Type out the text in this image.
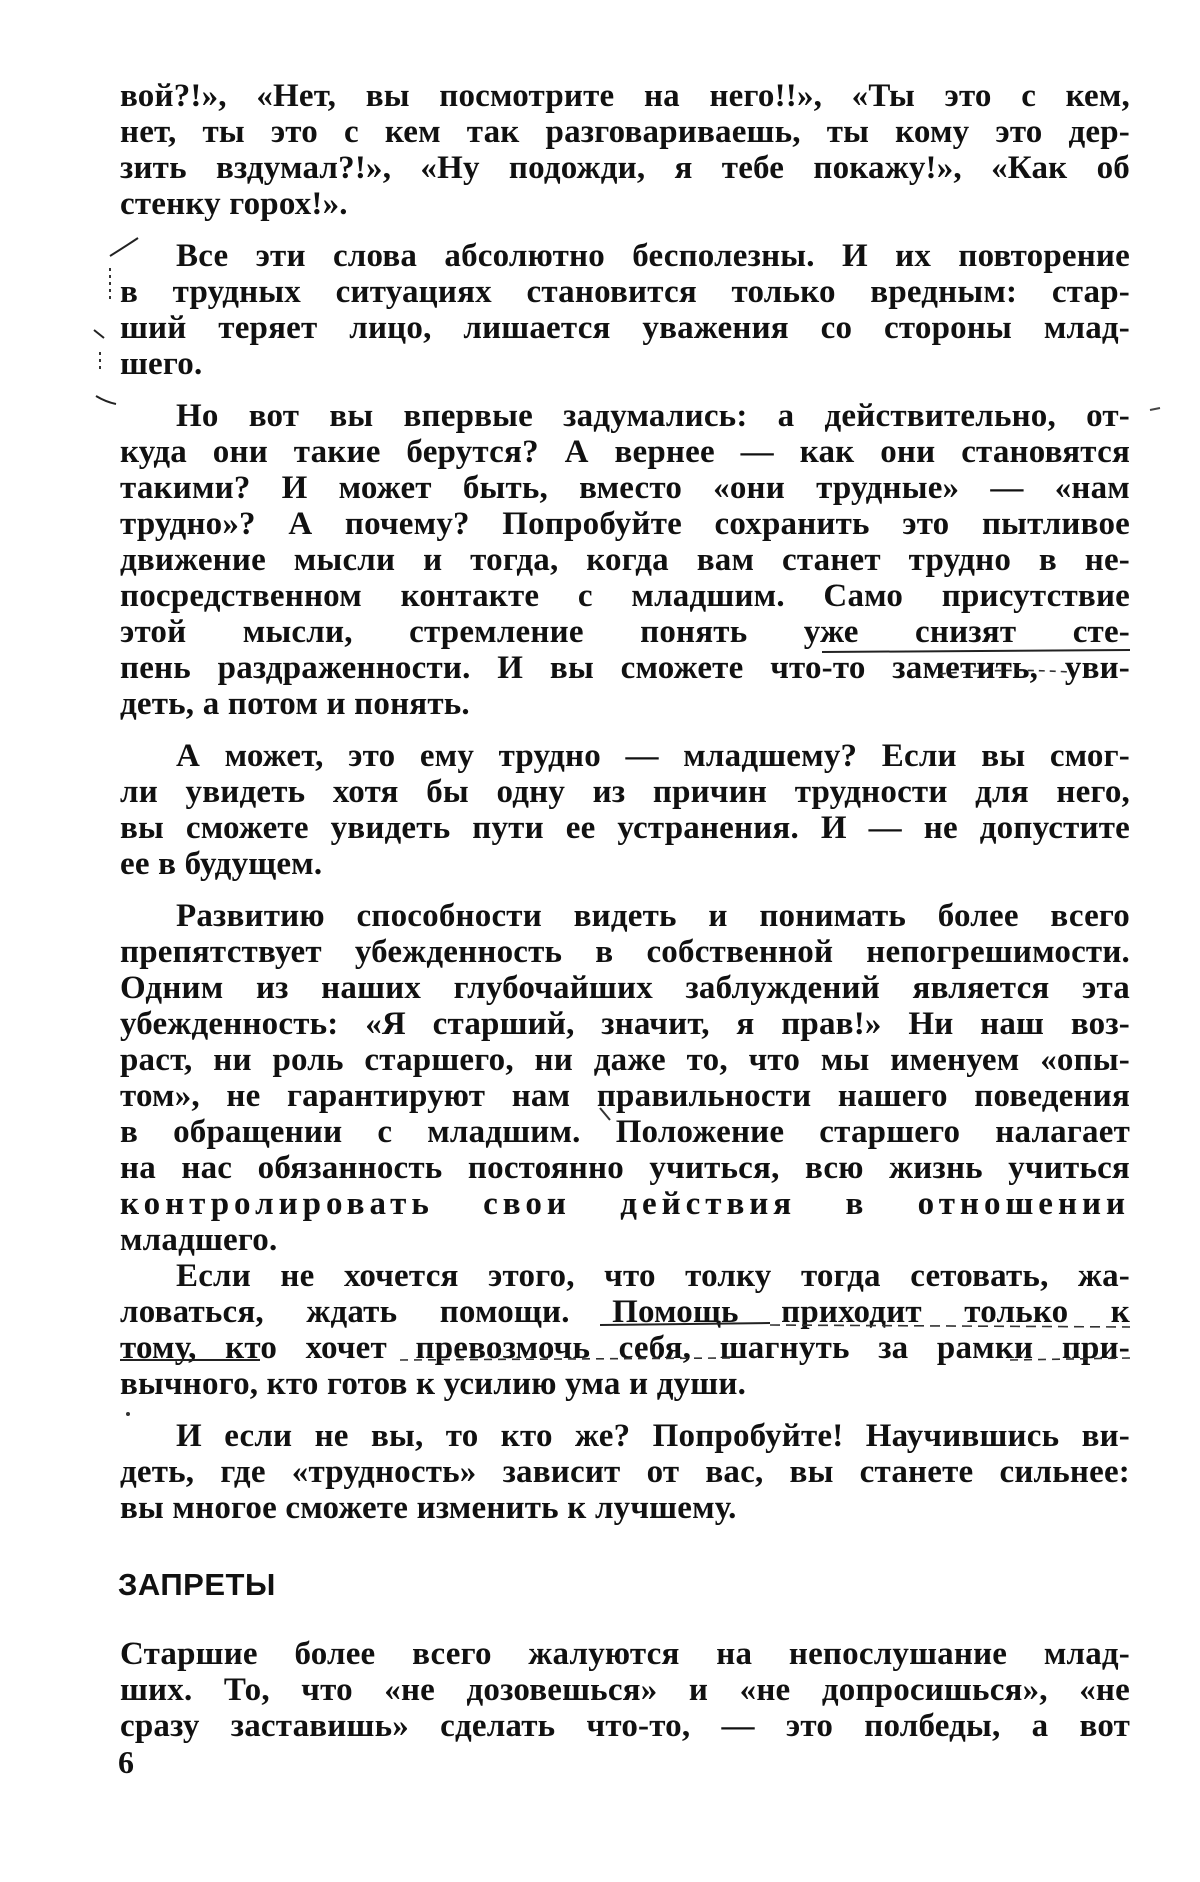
вой?!», «Нет, вы посмотрите на него!!», «Ты это с кем,
нет, ты это с кем так разговариваешь, ты кому это дер-
зить вздумал?!», «Ну подожди, я тебе покажу!», «Как об
стенку горох!».
Все эти слова абсолютно бесполезны. И их повторение
в трудных ситуациях становится только вредным: стар-
ший теряет лицо, лишается уважения со стороны млад-
шего.
Но вот вы впервые задумались: а действительно, от-
куда они такие берутся? А вернее — как они становятся
такими? И может быть, вместо «они трудные» — «нам
трудно»? А почему? Попробуйте сохранить это пытливое
движение мысли и тогда, когда вам станет трудно в не-
посредственном контакте с младшим. Само присутствие
этой мысли, стремление понять уже снизят сте-
пень раздраженности. И вы сможете что-то заметить, уви-
деть, а потом и понять.
А может, это ему трудно — младшему? Если вы смог-
ли увидеть хотя бы одну из причин трудности для него,
вы сможете увидеть пути ее устранения. И — не допустите
ее в будущем.
Развитию способности видеть и понимать более всего
препятствует убежденность в собственной непогрешимости.
Одним из наших глубочайших заблуждений является эта
убежденность: «Я старший, значит, я прав!» Ни наш воз-
раст, ни роль старшего, ни даже то, что мы именуем «опы-
том», не гарантируют нам правильности нашего поведения
в обращении с младшим. Положение старшего налагает
на нас обязанность постоянно учиться, всю жизнь учиться
контролировать свои действия в отношении
младшего.
Если не хочется этого, что толку тогда сетовать, жа-
ловаться, ждать помощи. Помощь приходит только к
тому, кто хочет превозмочь себя, шагнуть за рамки при-
вычного, кто готов к усилию ума и души.
И если не вы, то кто же? Попробуйте! Научившись ви-
деть, где «трудность» зависит от вас, вы станете сильнее:
вы многое сможете изменить к лучшему.
ЗАПРЕТЫ
Старшие более всего жалуются на непослушание млад-
ших. То, что «не дозовешься» и «не допросишься», «не
сразу заставишь» сделать что-то, — это полбеды, а вот
6
